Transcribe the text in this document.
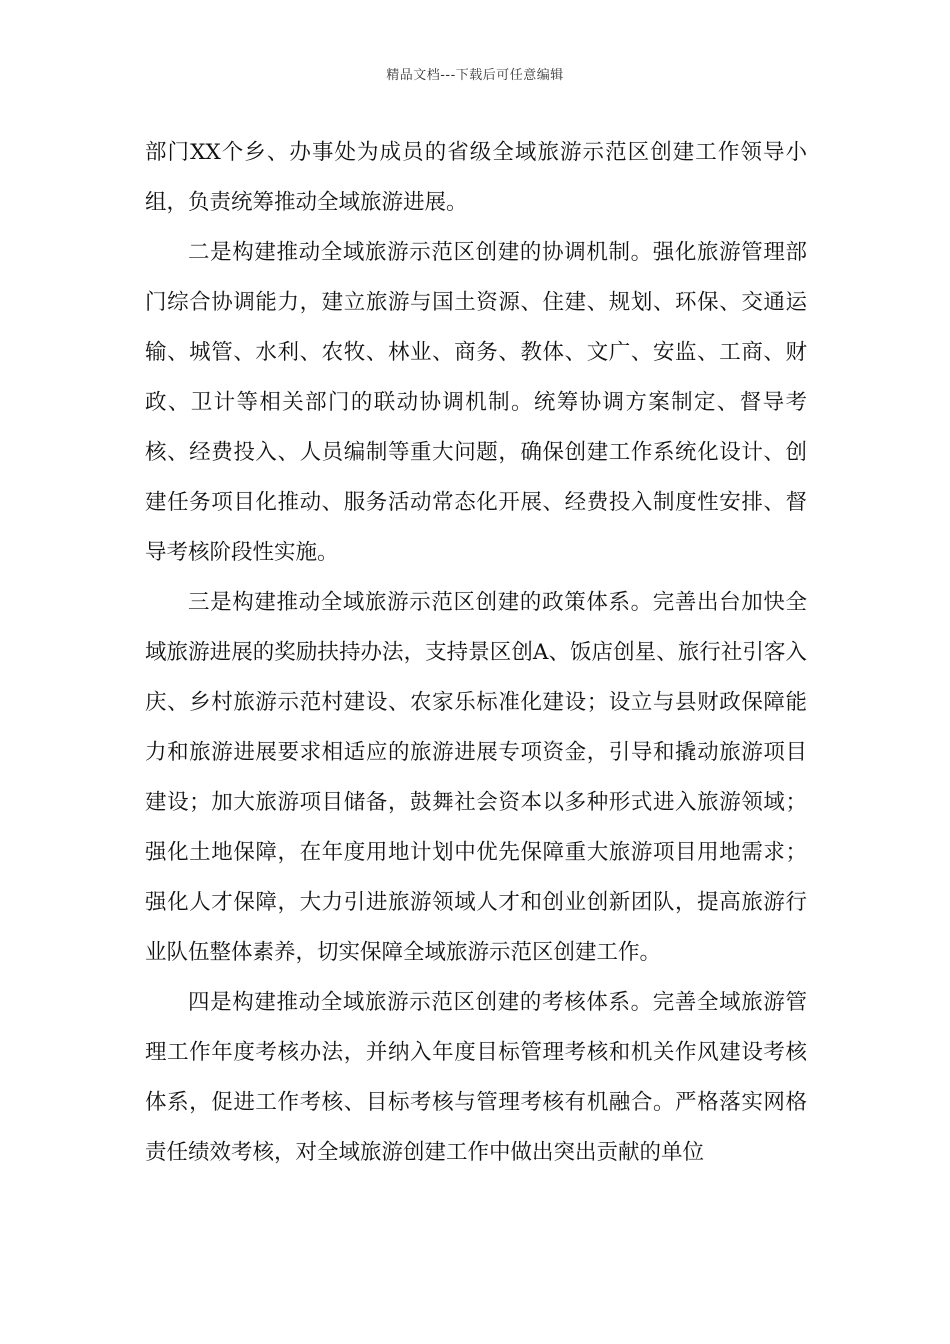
精品文档---下载后可任意编辑

部门XX个乡、办事处为成员的省级全域旅游示范区创建工作领导小组，负责统筹推动全域旅游进展。

二是构建推动全域旅游示范区创建的协调机制。强化旅游管理部门综合协调能力，建立旅游与国土资源、住建、规划、环保、交通运输、城管、水利、农牧、林业、商务、教体、文广、安监、工商、财政、卫计等相关部门的联动协调机制。统筹协调方案制定、督导考核、经费投入、人员编制等重大问题，确保创建工作系统化设计、创建任务项目化推动、服务活动常态化开展、经费投入制度性安排、督导考核阶段性实施。

三是构建推动全域旅游示范区创建的政策体系。完善出台加快全域旅游进展的奖励扶持办法，支持景区创A、饭店创星、旅行社引客入庆、乡村旅游示范村建设、农家乐标准化建设；设立与县财政保障能力和旅游进展要求相适应的旅游进展专项资金，引导和撬动旅游项目建设；加大旅游项目储备，鼓舞社会资本以多种形式进入旅游领域；强化土地保障，在年度用地计划中优先保障重大旅游项目用地需求；强化人才保障，大力引进旅游领域人才和创业创新团队，提高旅游行业队伍整体素养，切实保障全域旅游示范区创建工作。

四是构建推动全域旅游示范区创建的考核体系。完善全域旅游管理工作年度考核办法，并纳入年度目标管理考核和机关作风建设考核体系，促进工作考核、目标考核与管理考核有机融合。严格落实网格责任绩效考核，对全域旅游创建工作中做出突出贡献的单位
